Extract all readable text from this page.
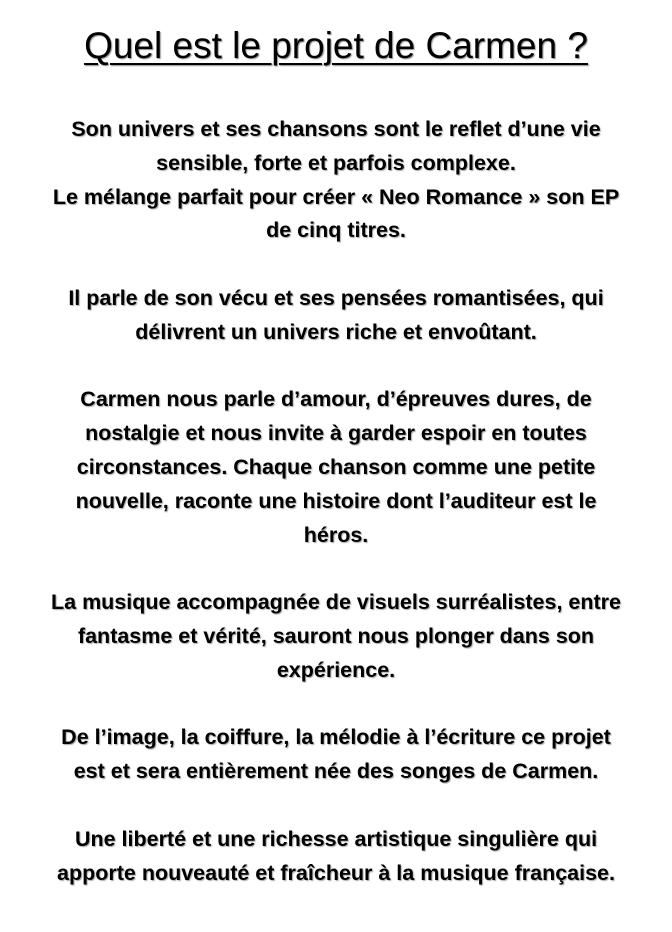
Quel est le projet de Carmen ?
Son univers et ses chansons sont le reflet d’une vie
sensible, forte et parfois complexe.
Le mélange parfait pour créer « Neo Romance » son EP
de cinq titres.
Il parle de son vécu et ses pensées romantisées, qui
délivrent un univers riche et envoûtant.
Carmen nous parle d’amour, d’épreuves dures, de
nostalgie et nous invite à garder espoir en toutes
circonstances. Chaque chanson comme une petite
nouvelle, raconte une histoire dont l’auditeur est le
héros.
La musique accompagnée de visuels surréalistes, entre
fantasme et vérité, sauront nous plonger dans son
expérience.
De l’image, la coiffure, la mélodie à l’écriture ce projet
est et sera entièrement née des songes de Carmen.
Une liberté et une richesse artistique singulière qui
apporte nouveauté et fraîcheur à la musique française.
